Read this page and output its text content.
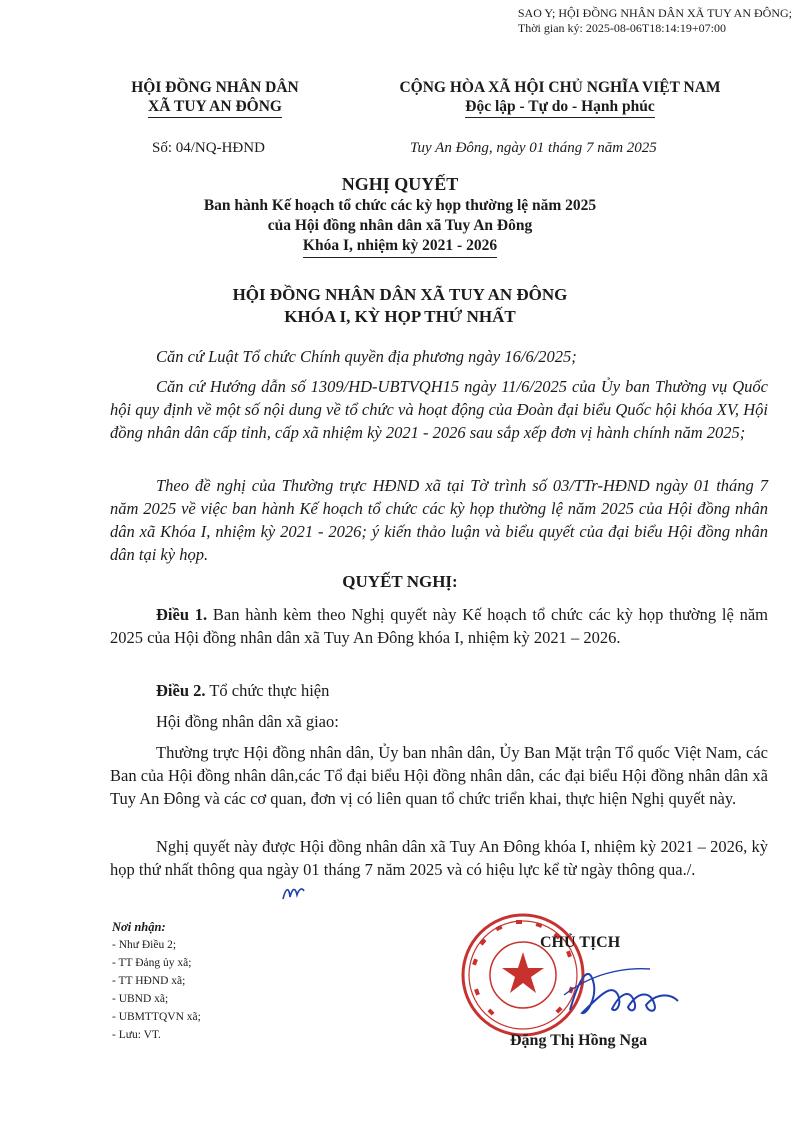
SAO Y; HỘI ĐỒNG NHÂN DÂN XÃ TUY AN ĐÔNG;
Thời gian ký: 2025-08-06T18:14:19+07:00
HỘI ĐỒNG NHÂN DÂN
XÃ TUY AN ĐÔNG
CỘNG HÒA XÃ HỘI CHỦ NGHĨA VIỆT NAM
Độc lập - Tự do - Hạnh phúc
Số: 04/NQ-HĐND	Tuy An Đông, ngày 01 tháng 7 năm 2025
NGHỊ QUYẾT
Ban hành Kế hoạch tổ chức các kỳ họp thường lệ năm 2025
của Hội đồng nhân dân xã Tuy An Đông
Khóa I, nhiệm kỳ 2021 - 2026
HỘI ĐỒNG NHÂN DÂN XÃ TUY AN ĐÔNG
KHÓA I, KỲ HỌP THỨ NHẤT
Căn cứ Luật Tổ chức Chính quyền địa phương ngày 16/6/2025;
Căn cứ Hướng dẫn số 1309/HD-UBTVQH15 ngày 11/6/2025 của Ủy ban Thường vụ Quốc hội quy định về một số nội dung về tổ chức và hoạt động của Đoàn đại biểu Quốc hội khóa XV, Hội đồng nhân dân cấp tỉnh, cấp xã nhiệm kỳ 2021 - 2026 sau sắp xếp đơn vị hành chính năm 2025;
Theo đề nghị của Thường trực HĐND xã tại Tờ trình số 03/TTr-HĐND ngày 01 tháng 7 năm 2025 về việc ban hành Kế hoạch tổ chức các kỳ họp thường lệ năm 2025 của Hội đồng nhân dân xã Khóa I, nhiệm kỳ 2021 - 2026; ý kiến thảo luận và biểu quyết của đại biểu Hội đồng nhân dân tại kỳ họp.
QUYẾT NGHỊ:
Điều 1. Ban hành kèm theo Nghị quyết này Kế hoạch tổ chức các kỳ họp thường lệ năm 2025 của Hội đồng nhân dân xã Tuy An Đông khóa I, nhiệm kỳ 2021 – 2026.
Điều 2. Tổ chức thực hiện
Hội đồng nhân dân xã giao:
Thường trực Hội đồng nhân dân, Ủy ban nhân dân, Ủy Ban Mặt trận Tổ quốc Việt Nam, các Ban của Hội đồng nhân dân,các Tổ đại biểu Hội đồng nhân dân, các đại biểu Hội đồng nhân dân xã Tuy An Đông và các cơ quan, đơn vị có liên quan tổ chức triển khai, thực hiện Nghị quyết này.
Nghị quyết này được Hội đồng nhân dân xã Tuy An Đông khóa I, nhiệm kỳ 2021 – 2026, kỳ họp thứ nhất thông qua ngày 01 tháng 7 năm 2025 và có hiệu lực kể từ ngày thông qua./.
Nơi nhận:
- Như Điều 2;
- TT Đảng ủy xã;
- TT HĐND xã;
- UBND xã;
- UBMTTQVN xã;
- Lưu: VT.
CHỦ TỊCH
Đặng Thị Hồng Nga
